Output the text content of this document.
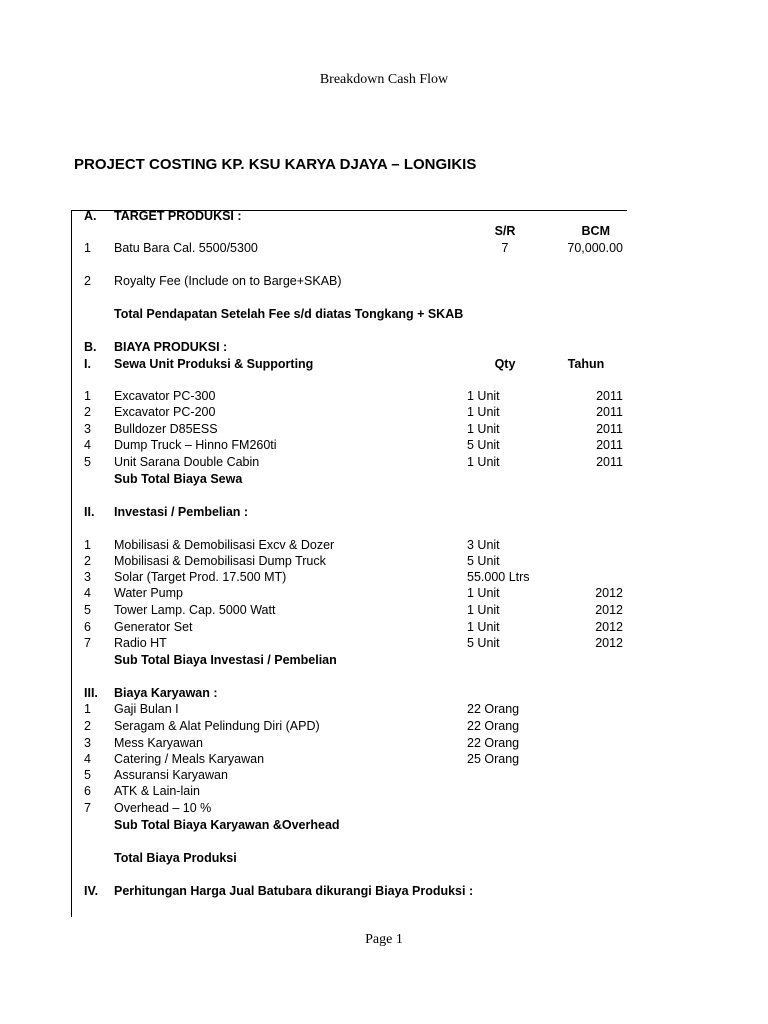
Breakdown Cash Flow
PROJECT COSTING KP. KSU KARYA DJAYA – LONGIKIS
A. TARGET PRODUKSI :
S/R	BCM
1 Batu Bara Cal. 5500/5300	7	70,000.00
2 Royalty Fee (Include on to Barge+SKAB)
Total Pendapatan Setelah Fee s/d diatas Tongkang + SKAB
B. BIAYA PRODUKSI :
I. Sewa Unit Produksi & Supporting	Qty	Tahun
1 Excavator PC-300	1 Unit	2011
2 Excavator PC-200	1 Unit	2011
3 Bulldozer D85ESS	1 Unit	2011
4 Dump Truck – Hinno FM260ti	5 Unit	2011
5 Unit Sarana Double Cabin	1 Unit	2011
Sub Total Biaya Sewa
II. Investasi / Pembelian :
1 Mobilisasi & Demobilisasi Excv & Dozer	3 Unit
2 Mobilisasi & Demobilisasi Dump Truck	5 Unit
3 Solar (Target Prod. 17.500 MT)	55.000 Ltrs
4 Water Pump	1 Unit	2012
5 Tower Lamp. Cap. 5000 Watt	1 Unit	2012
6 Generator Set	1 Unit	2012
7 Radio HT	5 Unit	2012
Sub Total Biaya Investasi / Pembelian
III. Biaya Karyawan :
1 Gaji Bulan I	22 Orang
2 Seragam & Alat Pelindung Diri (APD)	22 Orang
3 Mess Karyawan	22 Orang
4 Catering / Meals Karyawan	25 Orang
5 Assuransi Karyawan
6 ATK & Lain-lain
7 Overhead – 10 %
Sub Total Biaya Karyawan &Overhead
Total Biaya Produksi
IV. Perhitungan Harga Jual Batubara dikurangi Biaya Produksi :
Page 1
